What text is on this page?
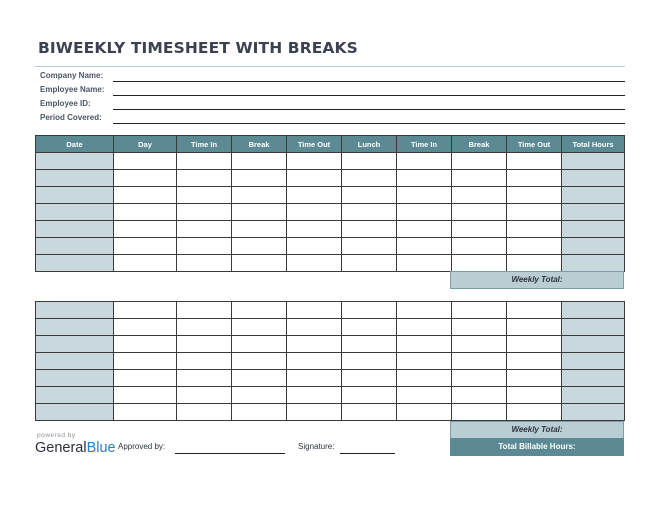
BIWEEKLY TIMESHEET WITH BREAKS
Company Name:
Employee Name:
Employee ID:
Period Covered:
Date	Day	Time In	Break	Time Out	Lunch	Time In	Break	Time Out	Total Hours

Weekly Total:

Weekly Total:
Total Billable Hours:
powered by
GeneralBlue Approved by:	Signature:
